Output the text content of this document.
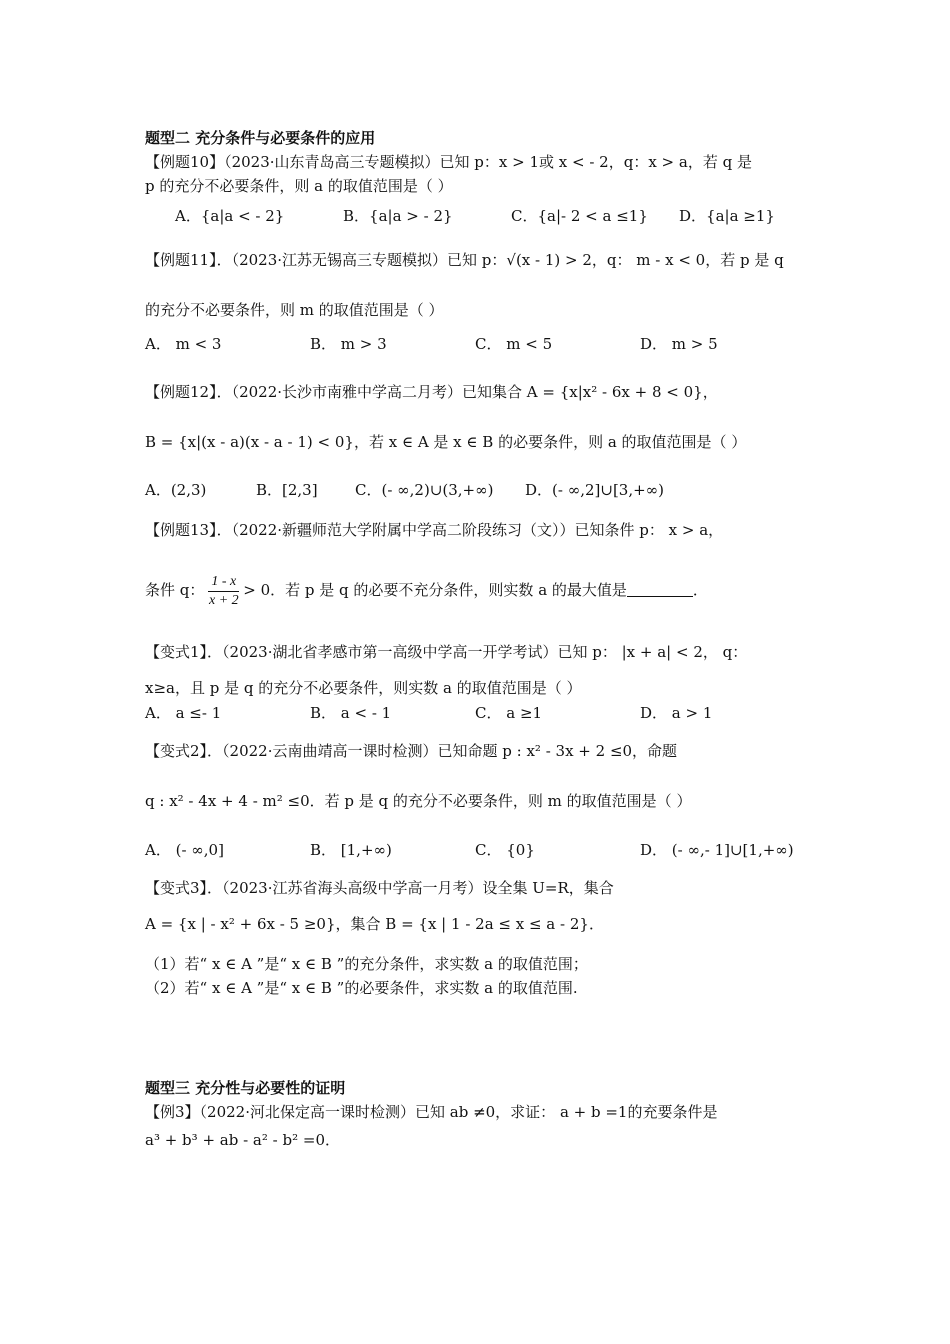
题型二 充分条件与必要条件的应用
【例题10】（2023·山东青岛高三专题模拟）已知 p：x > 1或 x < - 2，q：x > a，若 q 是
p 的充分不必要条件，则 a 的取值范围是（ ）
A．{a|a < - 2}	B．{a|a > - 2}	C．{a|- 2 < a ≤1} D．{a|a ≥1}
【例题11】．（2023·江苏无锡高三专题模拟）已知 p：√(x - 1) > 2，q： m - x < 0，若 p 是 q
的充分不必要条件，则 m 的取值范围是（ ）
A． m < 3	B． m > 3	C． m < 5	D． m > 5
【例题12】．（2022·长沙市南雅中学高二月考）已知集合 A = {x|x² - 6x + 8 < 0}，
B = {x|(x - a)(x - a - 1) < 0}，若 x ∈ A 是 x ∈ B 的必要条件，则 a 的取值范围是（ ）
A．(2,3)	B．[2,3] C．(- ∞,2)∪(3,+∞) D．(- ∞,2]∪[3,+∞)
【例题13】．（2022·新疆师范大学附属中学高二阶段练习（文））已知条件 p： x > a，
条件 q： $\frac{1 - x}{x + 2} > 0$．若 p 是 q 的必要不充分条件，则实数 a 的最大值是	．
【变式1】．（2023·湖北省孝感市第一高级中学高一开学考试）已知 p： |x + a| < 2， q：
x≥a，且 p 是 q 的充分不必要条件，则实数 a 的取值范围是（ ）
A． a ≤- 1	B． a < - 1	C． a ≥1	D． a > 1
【变式2】．（2022·云南曲靖高一课时检测）已知命题 p : x² - 3x + 2 ≤0，命题
q : x² - 4x + 4 - m² ≤0．若 p 是 q 的充分不必要条件，则 m 的取值范围是（ ）
A． (- ∞,0]	B． [1,+∞)	C． {0}	D． (- ∞,- 1]∪[1,+∞)
【变式3】．（2023·江苏省海头高级中学高一月考）设全集 U=R，集合
A = {x | - x² + 6x - 5 ≥0}，集合 B = {x | 1 - 2a ≤ x ≤ a - 2}．
（1）若“ x ∈ A ”是“ x ∈ B ”的充分条件，求实数 a 的取值范围；
（2）若“ x ∈ A ”是“ x ∈ B ”的必要条件，求实数 a 的取值范围.
题型三 充分性与必要性的证明
【例3】（2022·河北保定高一课时检测）已知 ab ≠0，求证： a + b =1的充要条件是
a³ + b³ + ab - a² - b² =0．
